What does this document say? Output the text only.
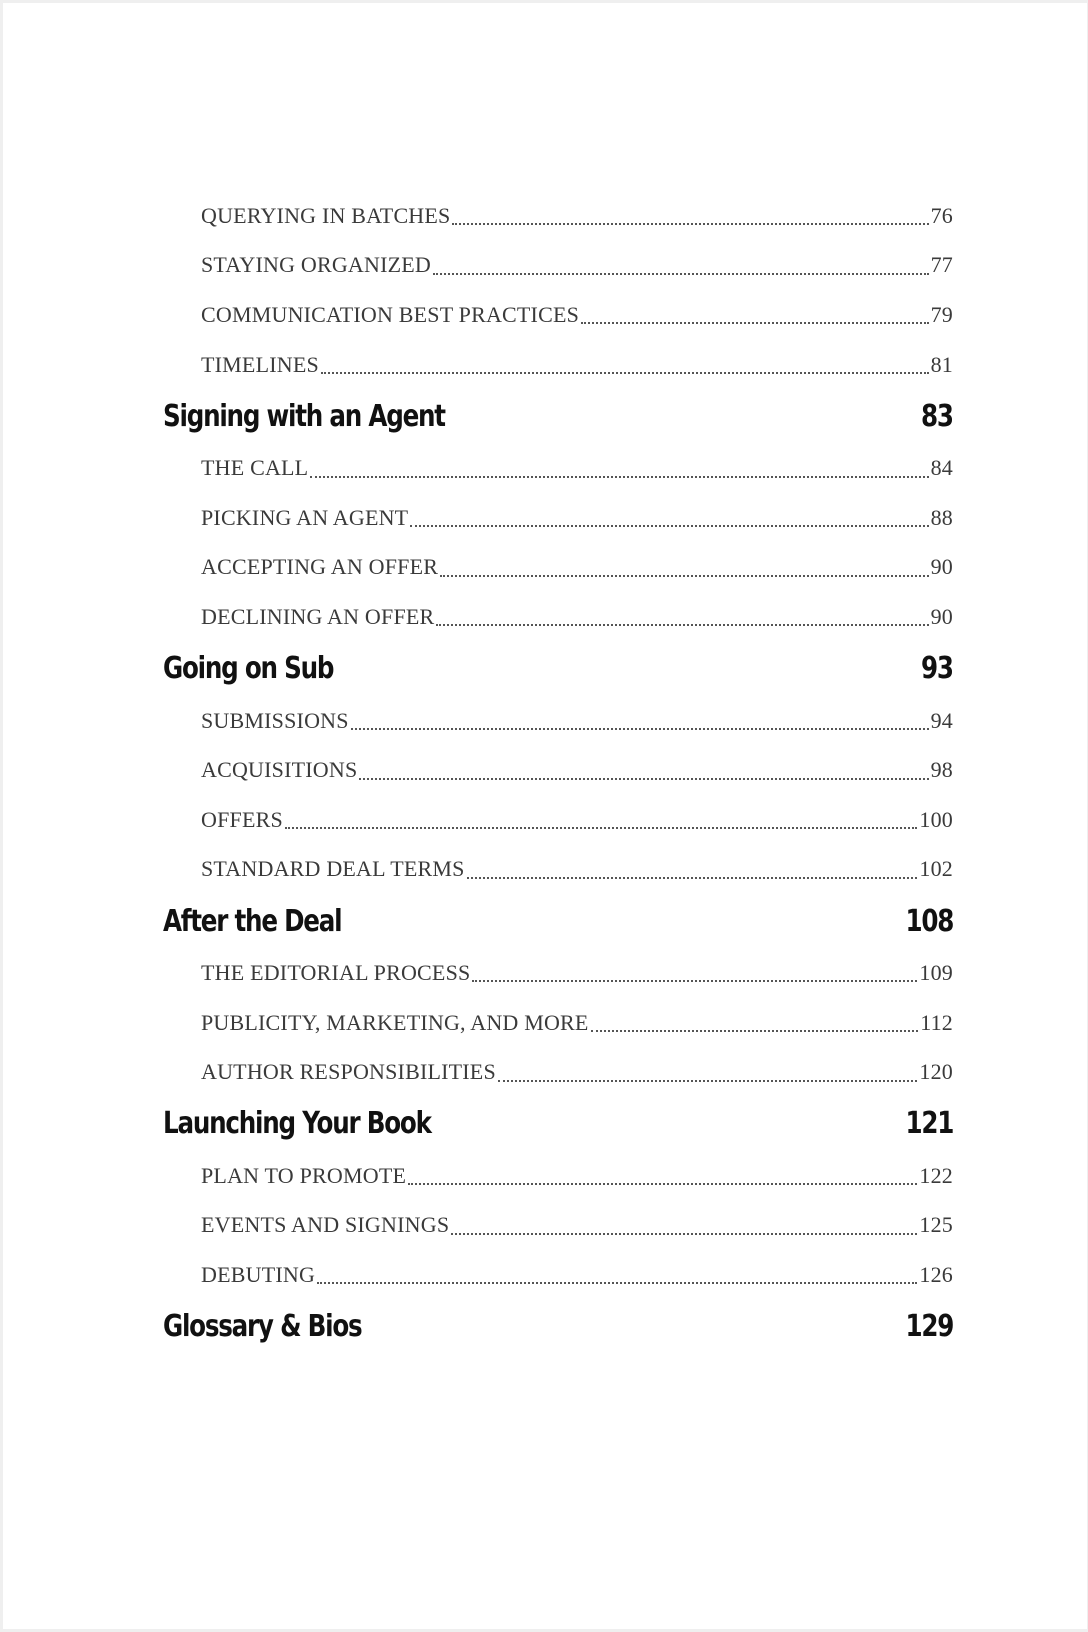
QUERYING IN BATCHES	76
STAYING ORGANIZED	77
COMMUNICATION BEST PRACTICES	79
TIMELINES	81
Signing with an Agent	83
THE CALL	84
PICKING AN AGENT	88
ACCEPTING AN OFFER	90
DECLINING AN OFFER	90
Going on Sub	93
SUBMISSIONS	94
ACQUISITIONS	98
OFFERS	100
STANDARD DEAL TERMS	102
After the Deal	108
THE EDITORIAL PROCESS	109
PUBLICITY, MARKETING, AND MORE	112
AUTHOR RESPONSIBILITIES	120
Launching Your Book	121
PLAN TO PROMOTE	122
EVENTS AND SIGNINGS	125
DEBUTING	126
Glossary & Bios	129
